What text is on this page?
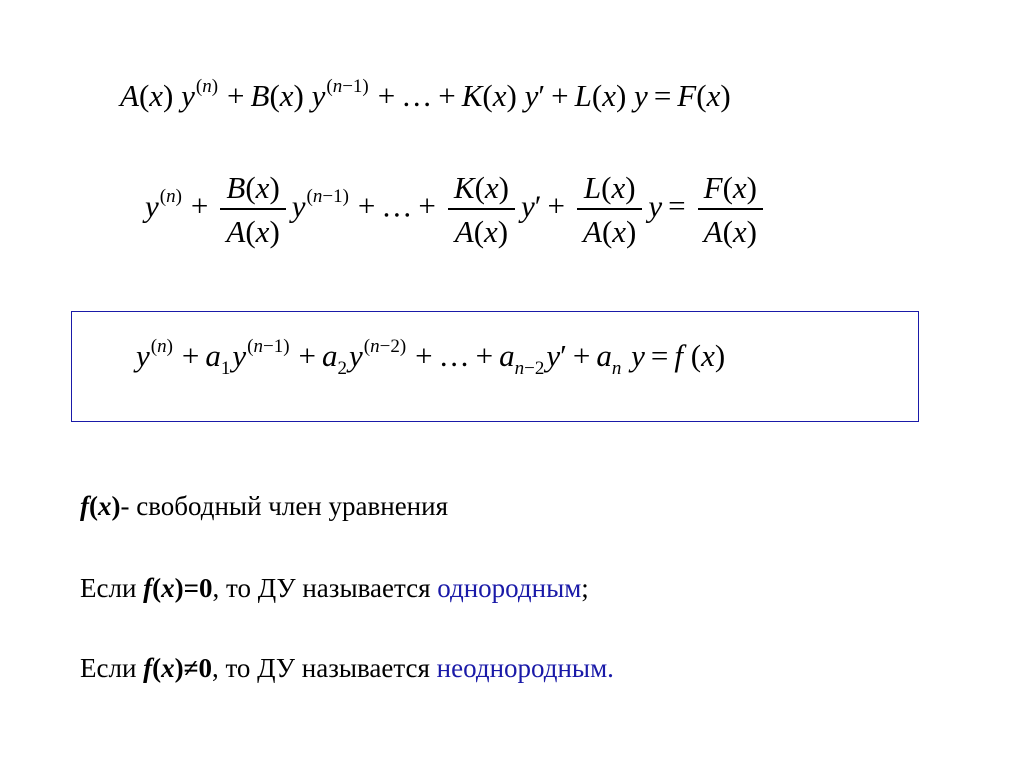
A(x) $y^{(n)} + B(x) y^{(n-1)}$ + … + K(x) y′ + L(x) y = F(x)
$y^{(n)} + \frac{B(x)}{A(x)} y^{(n-1)}$ + … + $\frac{K(x)}{A(x)} y' + \frac{L(x)}{A(x)}$ $y = \frac{F(x)}{A(x)}$
$y^{(n)} + a_1y^{(n-1)} + a_2y^{(n-2)}$ + … + $a_{n-2}y' + a_n$ y = f (x)
f(x)- свободный член уравнения
Если f(x)=0, то ДУ называется однородным;
Если f(x)≠0, то ДУ называется неоднородным.
